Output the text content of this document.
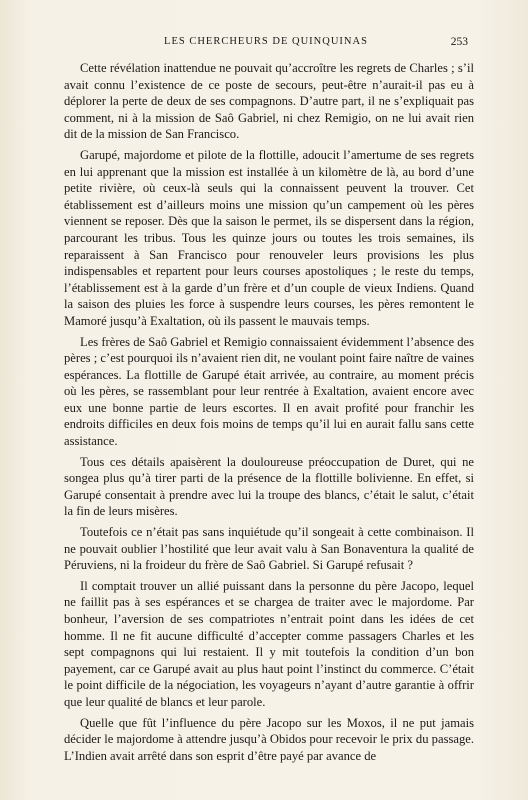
LES CHERCHEURS DE QUINQUINAS	253

Cette révélation inattendue ne pouvait qu’accroître les regrets de Charles ; s’il avait connu l’existence de ce poste de secours, peut-être n’aurait-il pas eu à déplorer la perte de deux de ses compagnons. D’autre part, il ne s’expliquait pas comment, ni à la mission de Saô Gabriel, ni chez Remigio, on ne lui avait rien dit de la mission de San Francisco.

Garupé, majordome et pilote de la flottille, adoucit l’amertume de ses regrets en lui apprenant que la mission est installée à un kilomètre de là, au bord d’une petite rivière, où ceux-là seuls qui la connaissent peuvent la trouver. Cet établissement est d’ailleurs moins une mission qu’un campement où les pères viennent se reposer. Dès que la saison le permet, ils se dispersent dans la région, parcourant les tribus. Tous les quinze jours ou toutes les trois semaines, ils reparaissent à San Francisco pour renouveler leurs provisions les plus indispensables et repartent pour leurs courses apostoliques ; le reste du temps, l’établissement est à la garde d’un frère et d’un couple de vieux Indiens. Quand la saison des pluies les force à suspendre leurs courses, les pères remontent le Mamoré jusqu’à Exaltation, où ils passent le mauvais temps.

Les frères de Saô Gabriel et Remigio connaissaient évidemment l’absence des pères ; c’est pourquoi ils n’avaient rien dit, ne voulant point faire naître de vaines espérances. La flottille de Garupé était arrivée, au contraire, au moment précis où les pères, se rassemblant pour leur rentrée à Exaltation, avaient encore avec eux une bonne partie de leurs escortes. Il en avait profité pour franchir les endroits difficiles en deux fois moins de temps qu’il lui en aurait fallu sans cette assistance.

Tous ces détails apaisèrent la douloureuse préoccupation de Duret, qui ne songea plus qu’à tirer parti de la présence de la flottille bolivienne. En effet, si Garupé consentait à prendre avec lui la troupe des blancs, c’était le salut, c’était la fin de leurs misères.

Toutefois ce n’était pas sans inquiétude qu’il songeait à cette combinaison. Il ne pouvait oublier l’hostilité que leur avait valu à San Bonaventura la qualité de Péruviens, ni la froideur du frère de Saô Gabriel. Si Garupé refusait ?

Il comptait trouver un allié puissant dans la personne du père Jacopo, lequel ne faillit pas à ses espérances et se chargea de traiter avec le majordome. Par bonheur, l’aversion de ses compatriotes n’entrait point dans les idées de cet homme. Il ne fit aucune difficulté d’accepter comme passagers Charles et les sept compagnons qui lui restaient. Il y mit toutefois la condition d’un bon payement, car ce Garupé avait au plus haut point l’instinct du commerce. C’était le point difficile de la négociation, les voyageurs n’ayant d’autre garantie à offrir que leur qualité de blancs et leur parole.

Quelle que fût l’influence du père Jacopo sur les Moxos, il ne put jamais décider le majordome à attendre jusqu’à Obidos pour recevoir le prix du passage. L’Indien avait arrêté dans son esprit d’être payé par avance de
